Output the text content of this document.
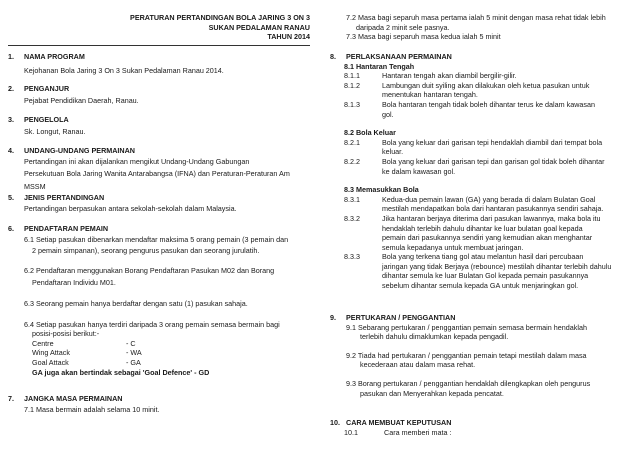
PERATURAN PERTANDINGAN BOLA JARING 3 ON 3
SUKAN PEDALAMAN RANAU
TAHUN 2014
1. NAMA PROGRAM
Kejohanan Bola Jaring 3 On 3 Sukan Pedalaman Ranau 2014.
2. PENGANJUR
Pejabat Pendidikan Daerah, Ranau.
3. PENGELOLA
Sk. Longut, Ranau.
4. UNDANG-UNDANG PERMAINAN
Pertandingan ini akan dijalankan mengikut Undang-Undang Gabungan
Persekutuan Bola Jaring Wanita Antarabangsa (IFNA) dan Peraturan-Peraturan Am
MSSM
5. JENIS PERTANDINGAN
Pertandingan berpasukan antara sekolah-sekolah dalam Malaysia.
6. PENDAFTARAN PEMAIN
6.1 Setiap pasukan dibenarkan mendaftar maksima 5 orang pemain (3 pemain dan
2 pemain simpanan), seorang pengurus pasukan dan seorang jurulatih.
6.2 Pendaftaran menggunakan Borang Pendaftaran Pasukan M02 dan Borang
Pendaftaran Individu M01.
6.3 Seorang pemain hanya berdaftar dengan satu (1) pasukan sahaja.
6.4 Setiap pasukan hanya terdiri daripada 3 orang pemain semasa bermain bagi
posisi-posisi berikut:-
Centre	- C
Wing Attack	- WA
Goal Attack	- GA
GA juga akan bertindak sebagai 'Goal Defence' - GD
7. JANGKA MASA PERMAINAN
7.1 Masa bermain adalah selama 10 minit.
7.2 Masa bagi separuh masa pertama ialah 5 minit dengan masa rehat tidak lebih
daripada 2 minit sele pasnya.
7.3 Masa bagi separuh masa kedua ialah 5 minit
8. PERLAKSANAAN PERMAINAN
8.1 Hantaran Tengah
8.1.1	Hantaran tengah akan diambil bergilir-gilir.
8.1.2	Lambungan duit syiling akan dilakukan oleh ketua pasukan untuk
menentukan hantaran tengah.
8.1.3	Bola hantaran tengah tidak boleh dihantar terus ke dalam kawasan
gol.
8.2 Bola Keluar
8.2.1	Bola yang keluar dari garisan tepi hendaklah diambil dari tempat bola
keluar.
8.2.2	Bola yang keluar dari garisan tepi dan garisan gol tidak boleh dihantar
ke dalam kawasan gol.
8.3 Memasukkan Bola
8.3.1	Kedua-dua pemain lawan (GA) yang berada di dalam Bulatan Goal
mestilah mendapatkan bola dari hantaran pasukannya sendiri sahaja.
8.3.2	Jika hantaran berjaya diterima dari pasukan lawannya, maka bola itu
hendaklah terlebih dahulu dihantar ke luar bulatan goal kepada
pemain dari pasukannya sendiri yang kemudian akan menghantar
semula kepadanya untuk membuat jaringan.
8.3.3	Bola yang terkena tiang gol atau melantun hasil dari percubaan
jaringan yang tidak Berjaya (rebounce) mestilah dihantar terlebih dahulu
dihantar semula ke luar Bulatan Gol kepada pemain pasukannya
sebelum dihantar semula kepada GA untuk menjaringkan gol.
9. PERTUKARAN / PENGGANTIAN
9.1 Sebarang pertukaran / penggantian pemain semasa bermain hendaklah
terlebih dahulu dimaklumkan kepada pengadil.
9.2 Tiada had pertukaran / penggantian pemain tetapi mestilah dalam masa
kecederaan atau dalam masa rehat.
9.3 Borang pertukaran / penggantian hendaklah dilengkapkan oleh pengurus
pasukan dan Menyerahkan kepada pencatat.
10. CARA MEMBUAT KEPUTUSAN
10.1	Cara memberi mata :
